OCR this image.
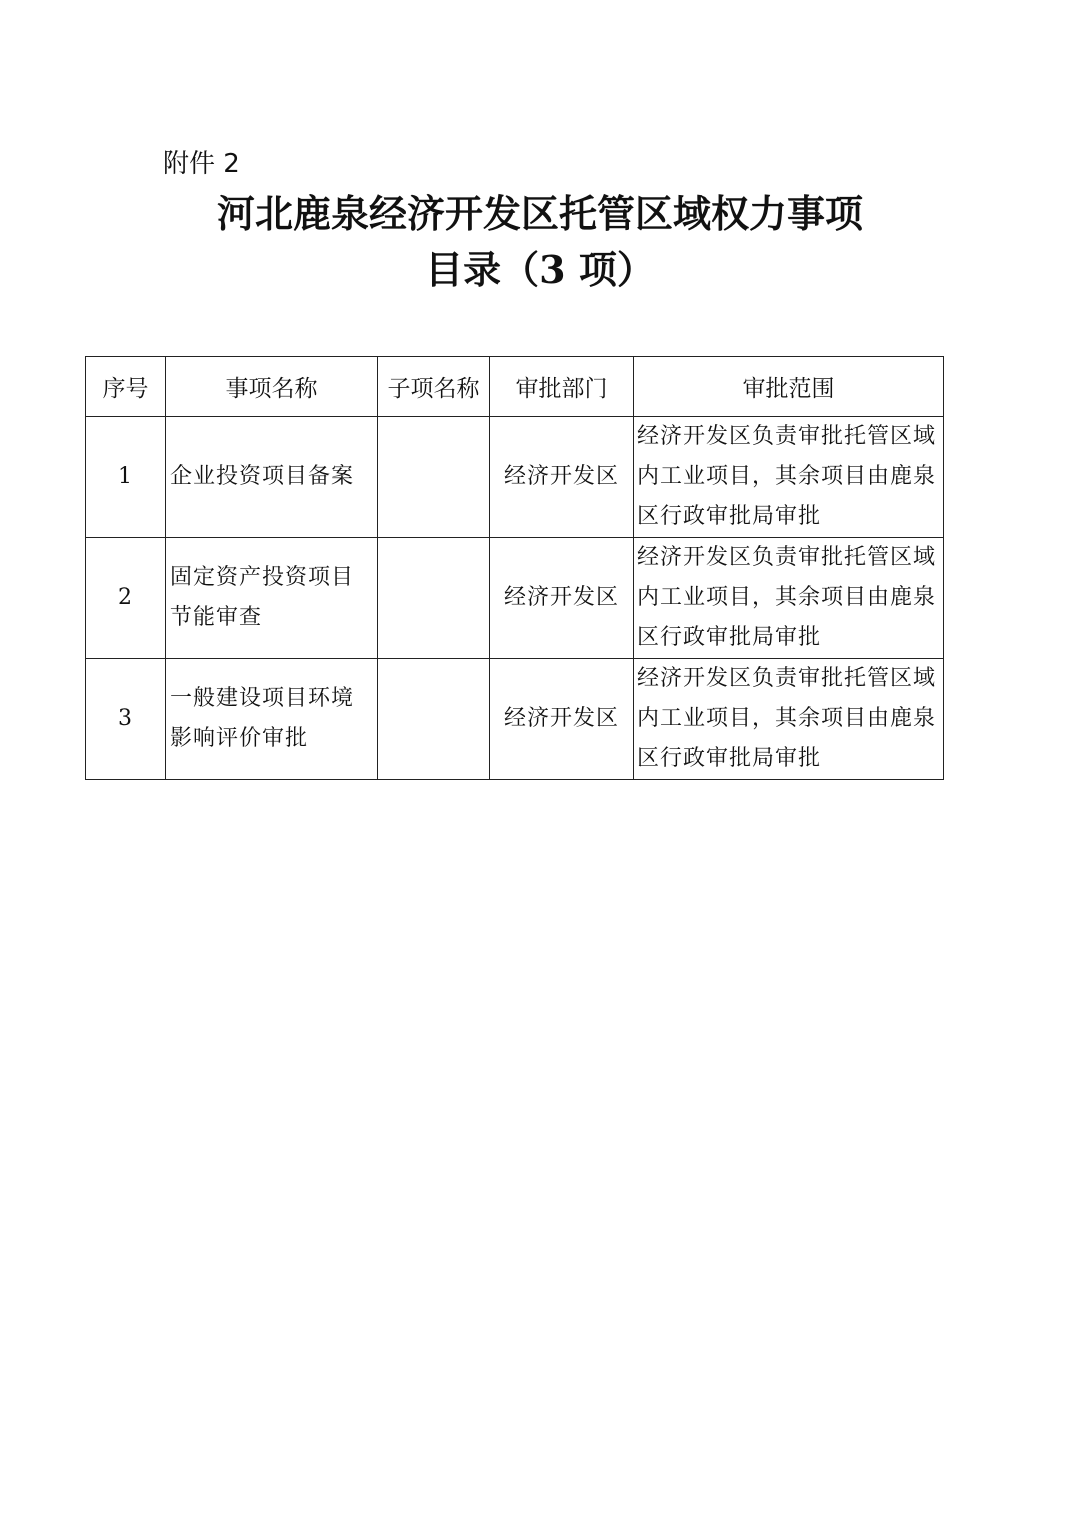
附件 2

河北鹿泉经济开发区托管区域权力事项
目录（3 项）
序号	事项名称	子项名称	审批部门	审批范围
1	企业投资项目备案		经济开发区	经济开发区负责审批托管区域内工业项目，其余项目由鹿泉区行政审批局审批
2	固定资产投资项目节能审查		经济开发区	经济开发区负责审批托管区域内工业项目，其余项目由鹿泉区行政审批局审批
3	一般建设项目环境影响评价审批		经济开发区	经济开发区负责审批托管区域内工业项目，其余项目由鹿泉区行政审批局审批
